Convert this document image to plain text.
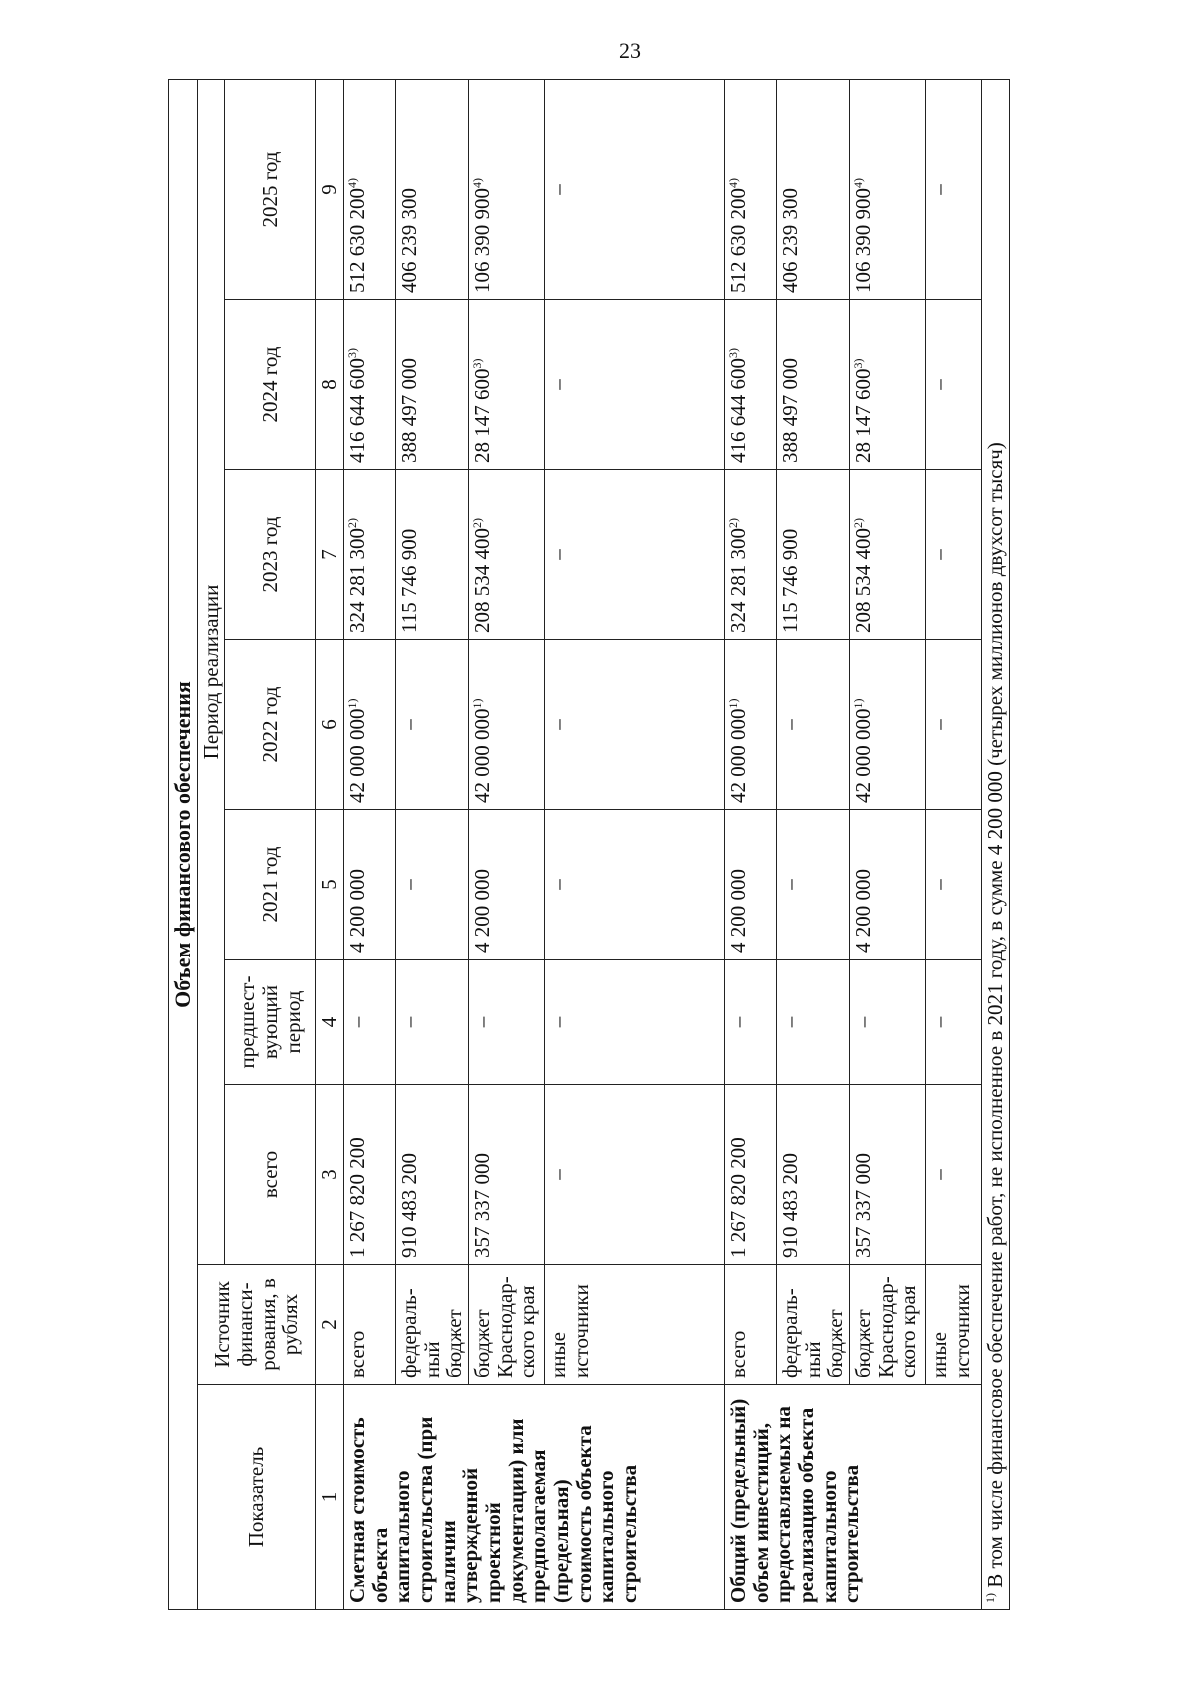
23
Объем финансового обеспечения								
Показатель	Источник финанси-рования, в рублях	Период реализации						
		всего	предшест-вующий период	2021 год	2022 год	2023 год	2024 год	2025 год
1	2	3	4	5	6	7	8	9
Сметная стоимость объекта капитального строительства (при наличии утвержденной проектной документации) или предполагаемая (предельная) стоимость объекта капитального строительства	всего	1 267 820 200	–	4 200 000	42 000 000$^{1)}$	324 281 300$^{2)}$	416 644 600$^{3)}$	512 630 200$^{4)}$
	федераль-ный бюджет	910 483 200	–	–	–	115 746 900	388 497 000	406 239 300
	бюджет Краснодар-ского края	357 337 000	–	4 200 000	42 000 000$^{1)}$	208 534 400$^{2)}$	28 147 600$^{3)}$	106 390 900$^{4)}$
	иные источники	–	–	–	–	–	–	–
Общий (предельный) объем инвестиций, предоставляемых на реализацию объекта капитального строительства	всего	1 267 820 200	–	4 200 000	42 000 000$^{1)}$	324 281 300$^{2)}$	416 644 600$^{3)}$	512 630 200$^{4)}$
	федераль-ный бюджет	910 483 200	–	–	–	115 746 900	388 497 000	406 239 300
	бюджет Краснодар-ского края	357 337 000	–	4 200 000	42 000 000$^{1)}$	208 534 400$^{2)}$	28 147 600$^{3)}$	106 390 900$^{4)}$
	иные источники	–	–	–	–	–	–	–
$^{1)}$ В том числе финансовое обеспечение работ, не исполненное в 2021 году, в сумме 4 200 000 (четырех миллионов двухсот тысяч)								
